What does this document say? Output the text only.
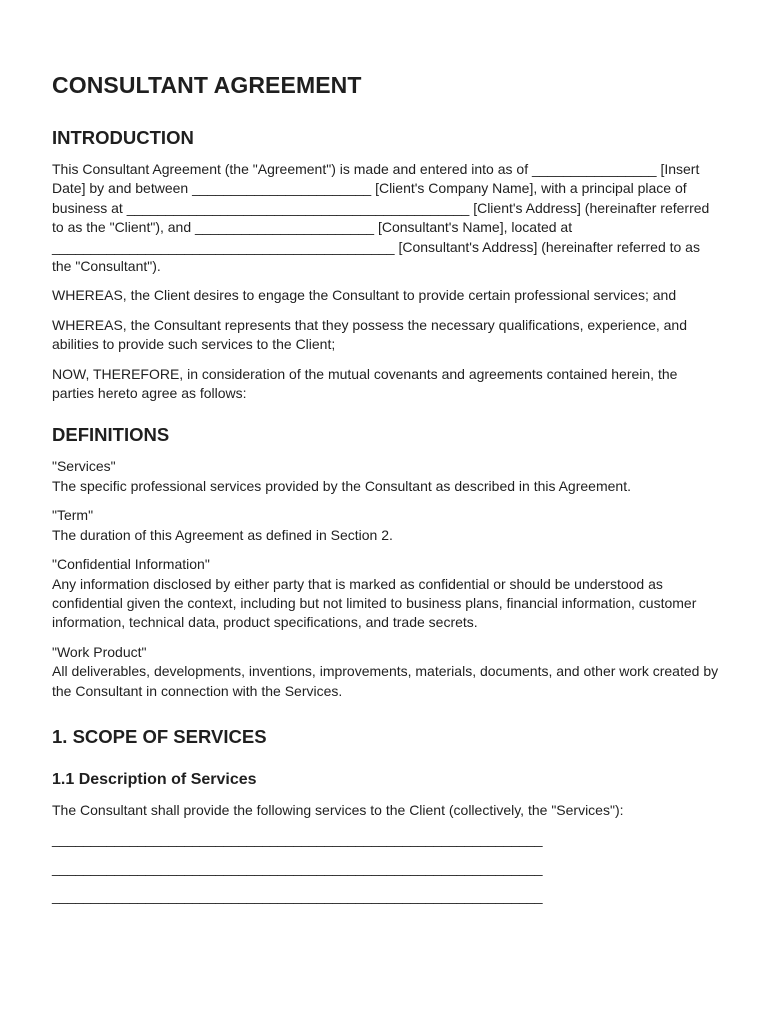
CONSULTANT AGREEMENT
INTRODUCTION

This Consultant Agreement (the "Agreement") is made and entered into as of ________________ [Insert Date] by and between _______________________ [Client's Company Name], with a principal place of business at ____________________________________________ [Client's Address] (hereinafter referred to as the "Client"), and _______________________ [Consultant's Name], located at ____________________________________________ [Consultant's Address] (hereinafter referred to as the "Consultant").

WHEREAS, the Client desires to engage the Consultant to provide certain professional services; and

WHEREAS, the Consultant represents that they possess the necessary qualifications, experience, and abilities to provide such services to the Client;

NOW, THEREFORE, in consideration of the mutual covenants and agreements contained herein, the parties hereto agree as follows:

DEFINITIONS

"Services"
The specific professional services provided by the Consultant as described in this Agreement.

"Term"
The duration of this Agreement as defined in Section 2.

"Confidential Information"
Any information disclosed by either party that is marked as confidential or should be understood as confidential given the context, including but not limited to business plans, financial information, customer information, technical data, product specifications, and trade secrets.

"Work Product"
All deliverables, developments, inventions, improvements, materials, documents, and other work created by the Consultant in connection with the Services.

1. SCOPE OF SERVICES
1.1 Description of Services

The Consultant shall provide the following services to the Client (collectively, the "Services"):

_______________________________________________________________
_______________________________________________________________
_______________________________________________________________
